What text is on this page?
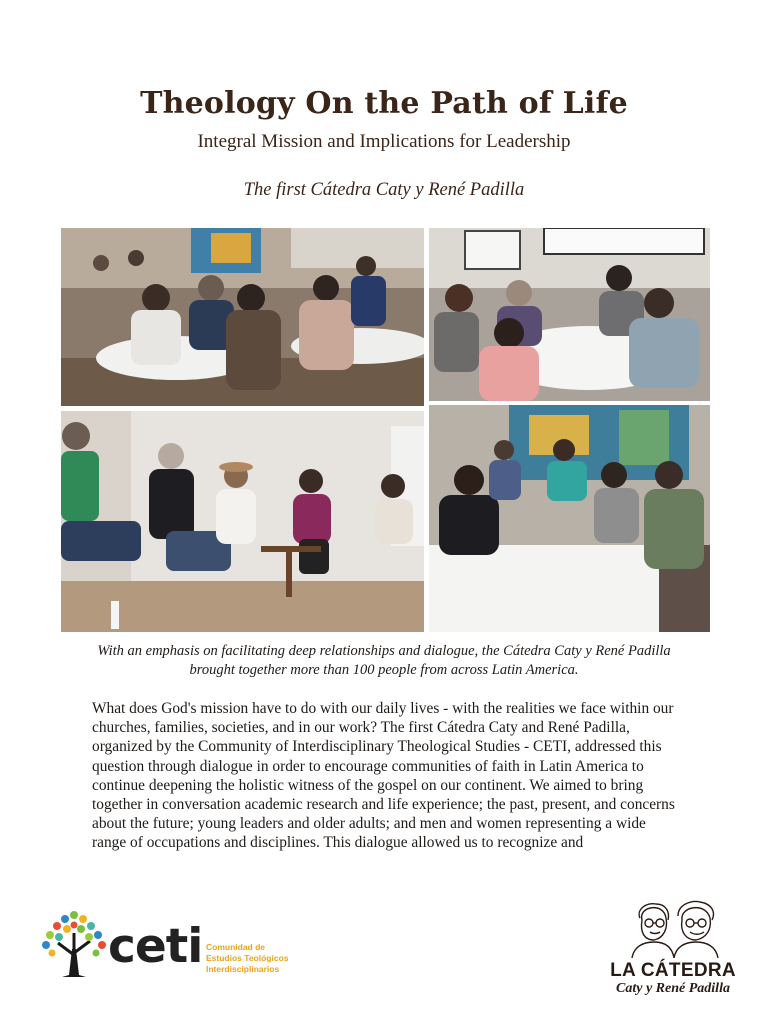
Theology On the Path of Life
Integral Mission and Implications for Leadership
The first Cátedra Caty y René Padilla
With an emphasis on facilitating deep relationships and dialogue, the Cátedra Caty y René Padilla brought together more than 100 people from across Latin America.
What does God's mission have to do with our daily lives - with the realities we face within our churches, families, societies, and in our work? The first Cátedra Caty and René Padilla, organized by the Community of Interdisciplinary Theological Studies - CETI, addressed this question through dialogue in order to encourage communities of faith in Latin America to continue deepening the holistic witness of the gospel on our continent. We aimed to bring together in conversation academic research and life experience; the past, present, and concerns about the future; young leaders and older adults; and men and women representing a wide range of occupations and disciplines. This dialogue allowed us to recognize and
ceti Comunidad de
Estudios Teológicos
Interdisciplinarios	LA CÁTEDRA
Caty y René Padilla
